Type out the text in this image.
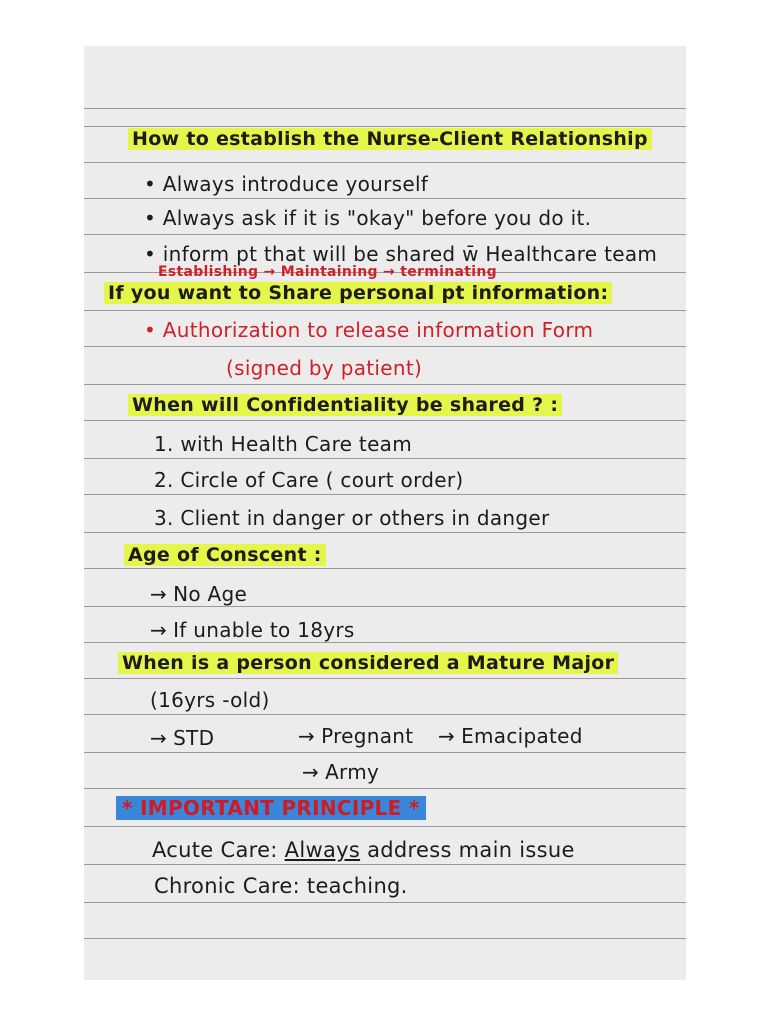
How to establish the Nurse-Client Relationship
• Always introduce yourself
• Always ask if it is "okay" before you do it.
• inform pt that will be shared w̄ Healthcare team
Establishing → Maintaining → terminating
If you want to Share personal pt information:
• Authorization to release information Form
(signed by patient)
When will Confidentiality be shared ? :
1. with Health Care team
2. Circle of Care ( court order)
3. Client in danger or others in danger
Age of Conscent :
→ No Age
→ If unable to 18yrs
When is a person considered a Mature Major
(16yrs -old)
→ STD	→ Pregnant → Emacipated
→ Army
* IMPORTANT PRINCIPLE *
Acute Care: Always address main issue
Chronic Care: teaching.
